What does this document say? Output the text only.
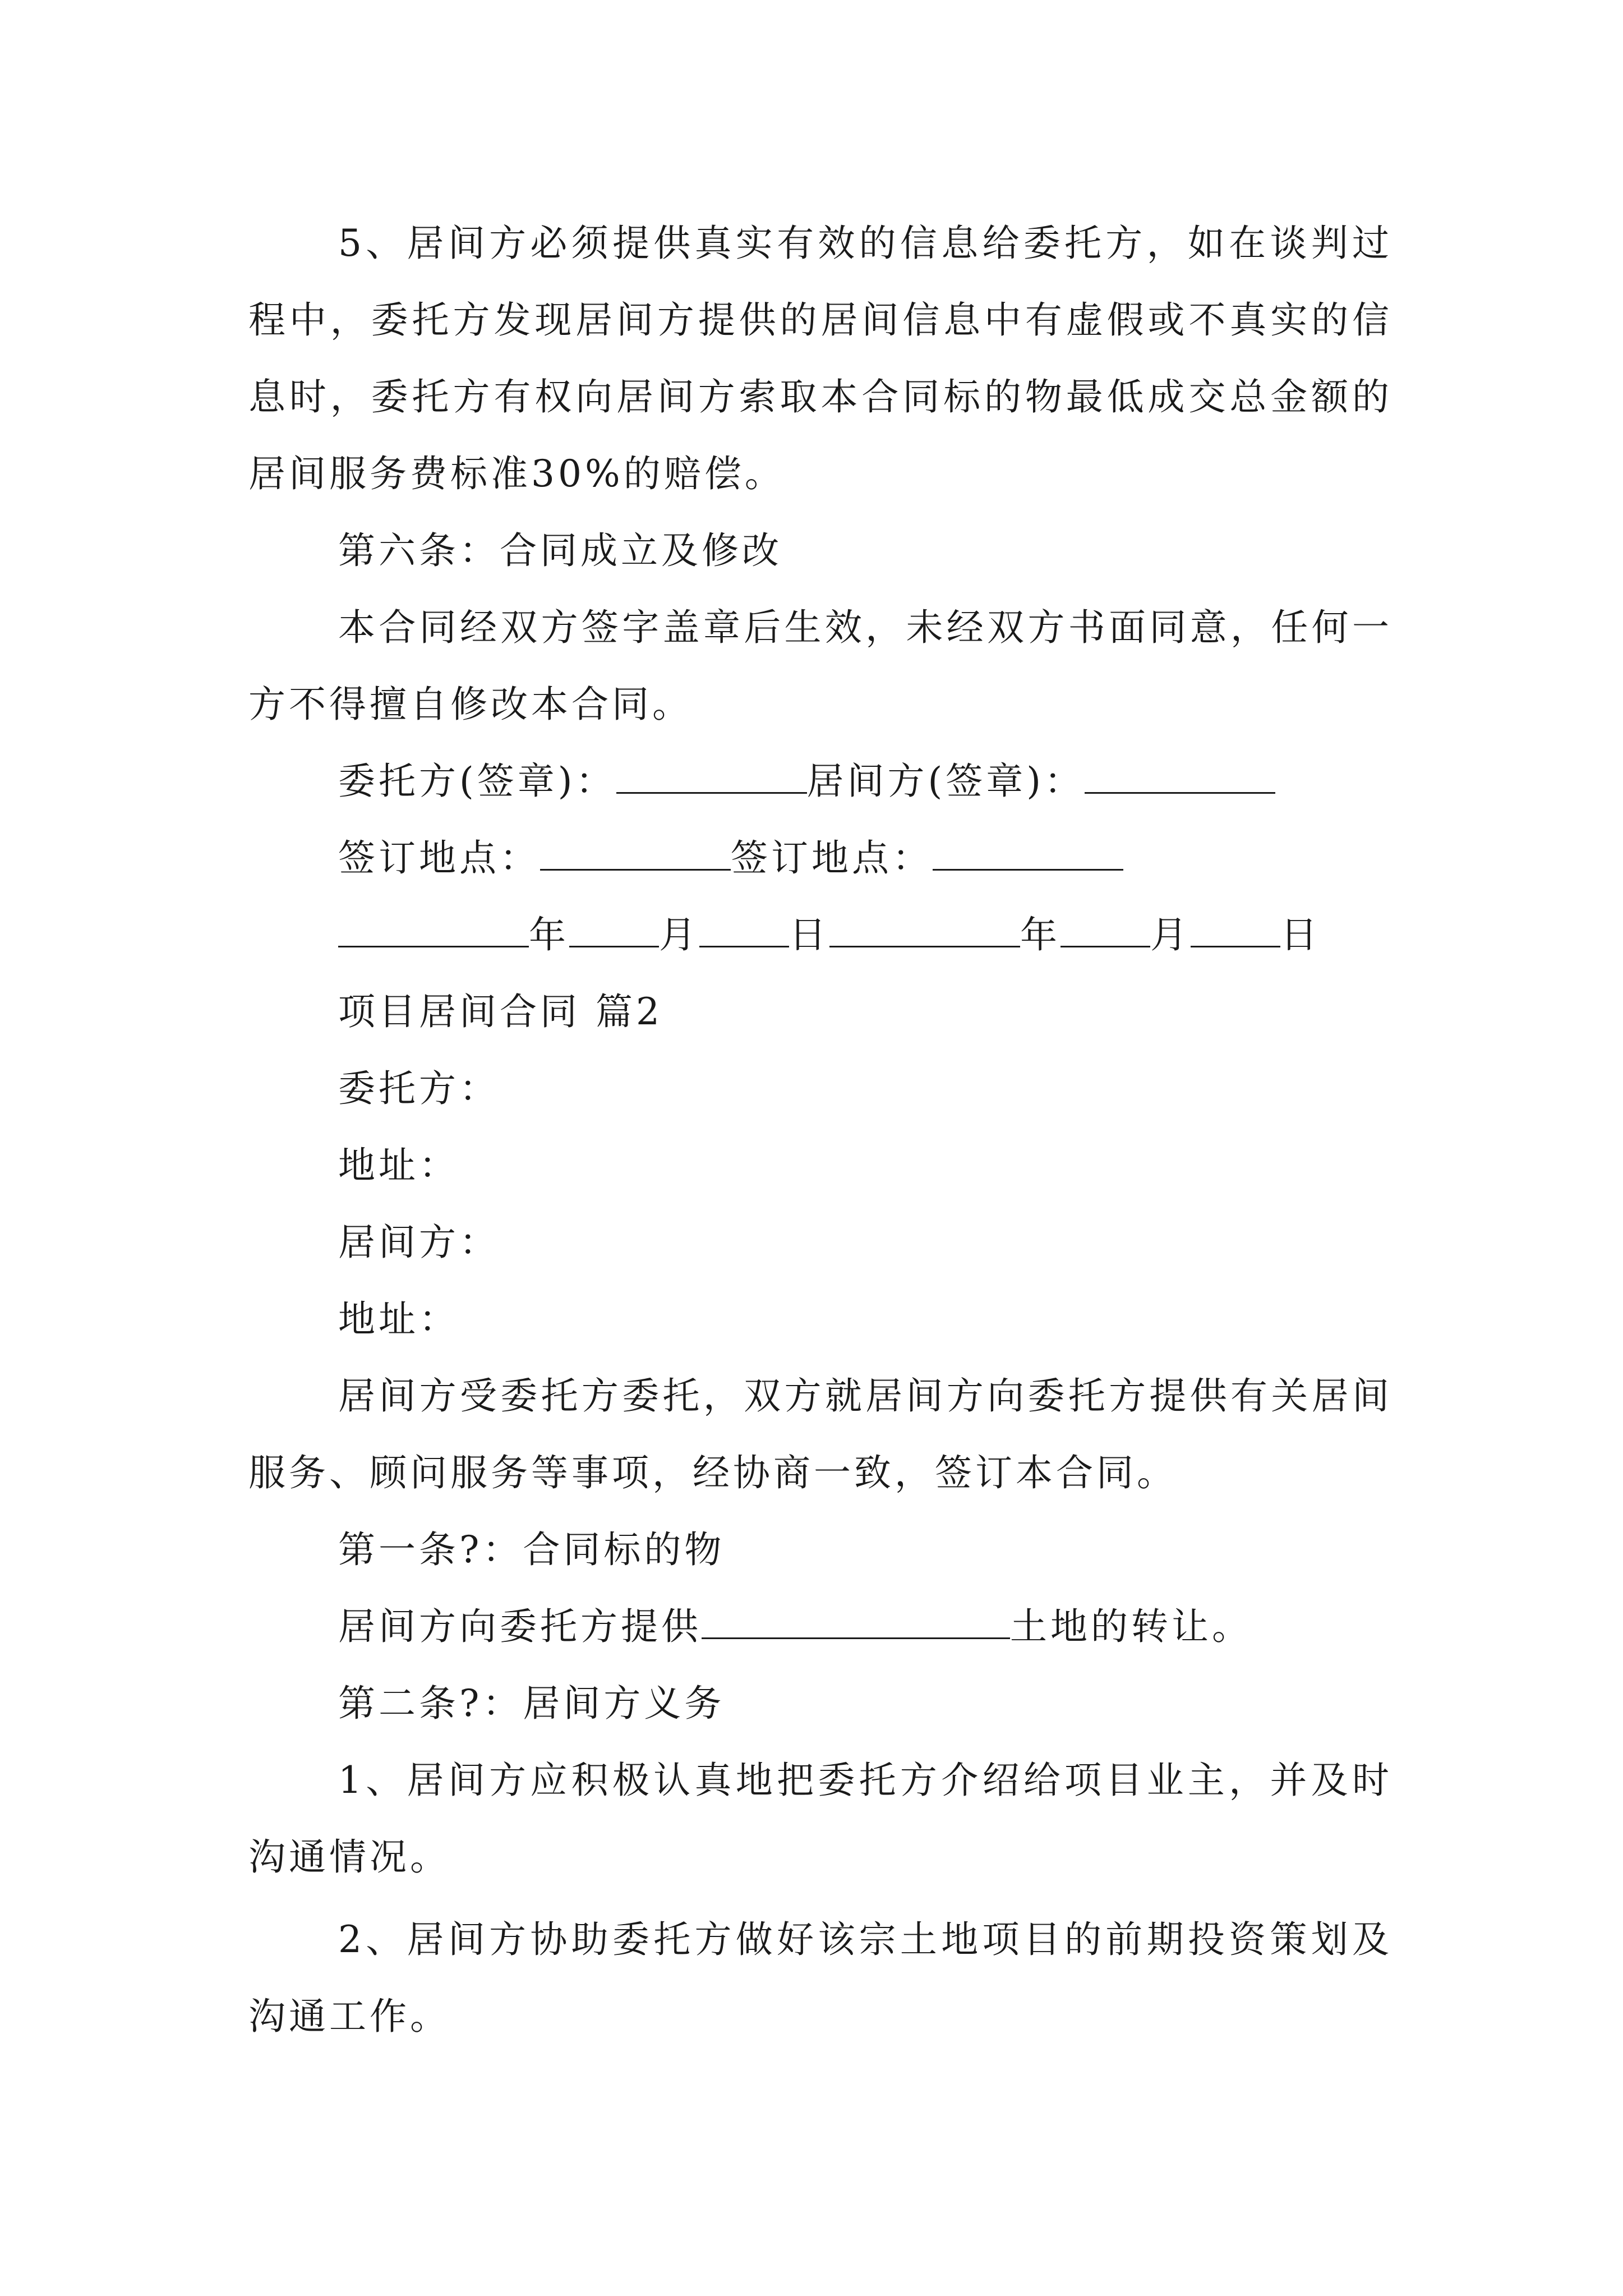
5、居间方必须提供真实有效的信息给委托方，如在谈判过程中，委托方发现居间方提供的居间信息中有虚假或不真实的信息时，委托方有权向居间方索取本合同标的物最低成交总金额的居间服务费标准30%的赔偿。

第六条：合同成立及修改

本合同经双方签字盖章后生效，未经双方书面同意，任何一方不得擅自修改本合同。

委托方(签章)：	居间方(签章)：
签订地点：	签订地点：
年 月 日	年 月 日

项目居间合同 篇2

委托方：

地址：

居间方：

地址：

居间方受委托方委托，双方就居间方向委托方提供有关居间服务、顾问服务等事项，经协商一致，签订本合同。

第一条?：合同标的物

居间方向委托方提供	土地的转让。

第二条?：居间方义务

1、居间方应积极认真地把委托方介绍给项目业主，并及时沟通情况。

2、居间方协助委托方做好该宗土地项目的前期投资策划及沟通工作。
